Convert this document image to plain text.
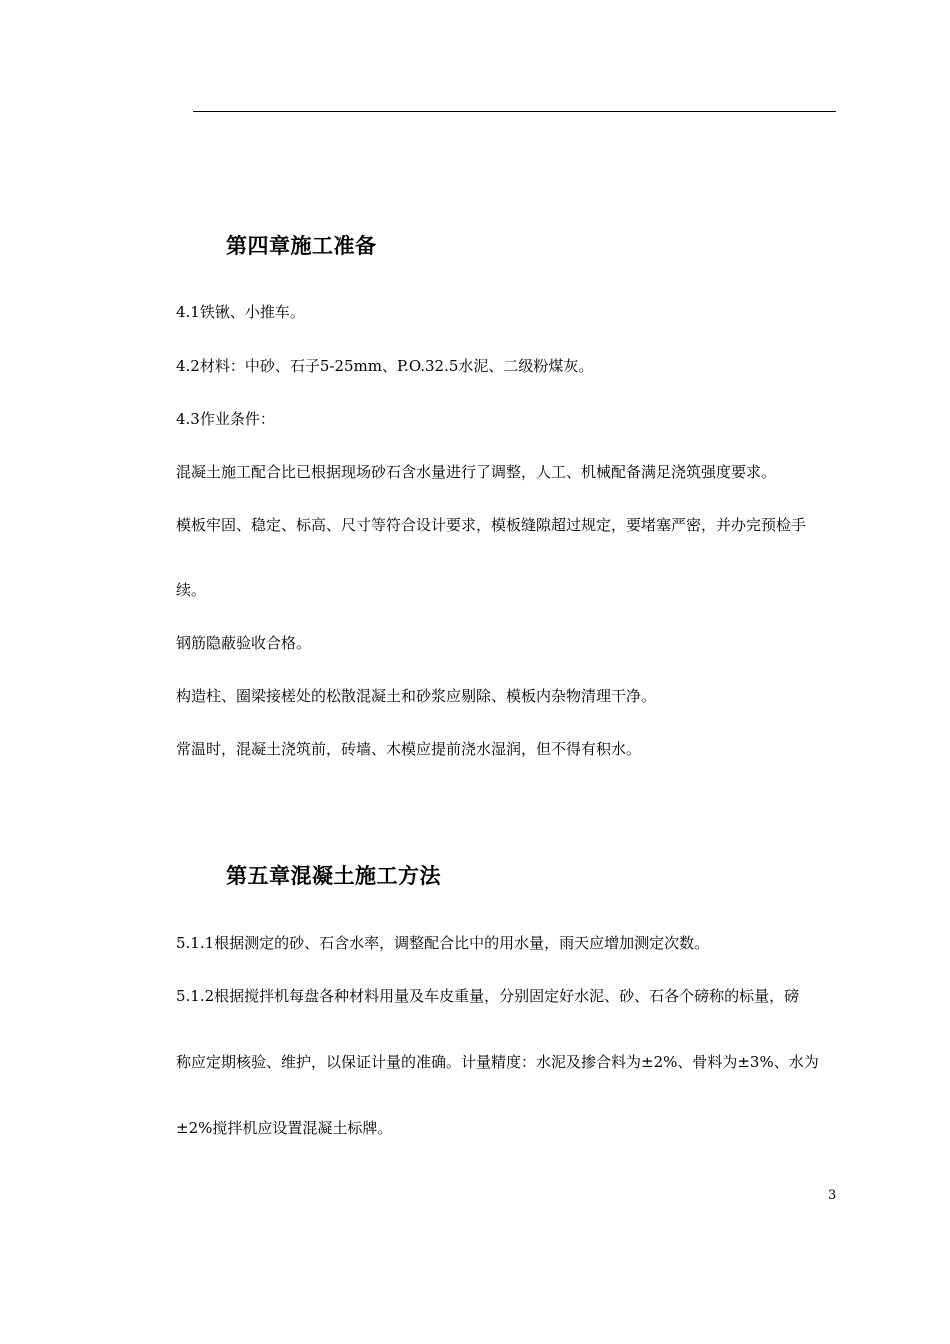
第四章施工准备
4.1铁锹、小推车。
4.2材料：中砂、石子5-25mm、P.O.32.5水泥、二级粉煤灰。
4.3作业条件：
混凝土施工配合比已根据现场砂石含水量进行了调整，人工、机械配备满足浇筑强度要求。
模板牢固、稳定、标高、尺寸等符合设计要求，模板缝隙超过规定，要堵塞严密，并办完预检手
续。
钢筋隐蔽验收合格。
构造柱、圈梁接槎处的松散混凝土和砂浆应剔除、模板内杂物清理干净。
常温时，混凝土浇筑前，砖墙、木模应提前浇水湿润，但不得有积水。
第五章混凝土施工方法
5.1.1根据测定的砂、石含水率，调整配合比中的用水量，雨天应增加测定次数。
5.1.2根据搅拌机每盘各种材料用量及车皮重量，分别固定好水泥、砂、石各个磅称的标量，磅
称应定期核验、维护，以保证计量的准确。计量精度：水泥及掺合料为±2%、骨料为±3%、水为
±2%搅拌机应设置混凝土标牌。
3
